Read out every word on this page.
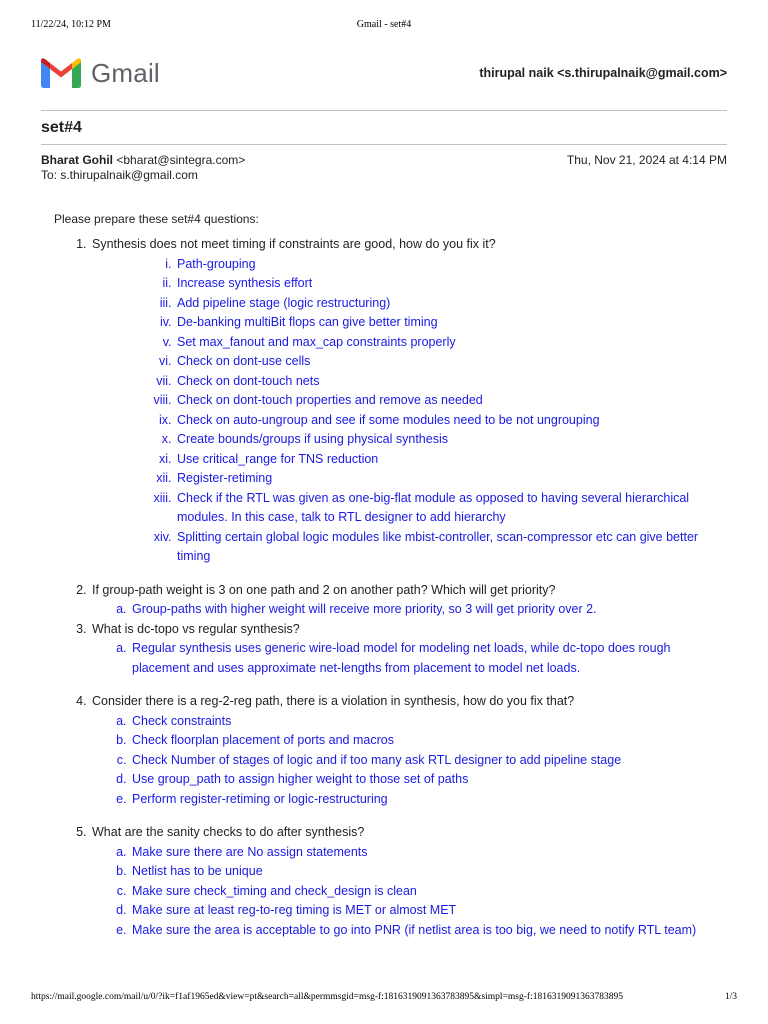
11/22/24, 10:12 PM	Gmail - set#4
Gmail	thirupal naik <s.thirupalnaik@gmail.com>
set#4
Bharat Gohil <bharat@sintegra.com>
To: s.thirupalnaik@gmail.com
Thu, Nov 21, 2024 at 4:14 PM

Please prepare these set#4 questions:

1. Synthesis does not meet timing if constraints are good, how do you fix it?
i. Path-grouping
ii. Increase synthesis effort
iii. Add pipeline stage (logic restructuring)
iv. De-banking multiBit flops can give better timing
v. Set max_fanout and max_cap constraints properly
vi. Check on dont-use cells
vii. Check on dont-touch nets
viii. Check on dont-touch properties and remove as needed
ix. Check on auto-ungroup and see if some modules need to be not ungrouping
x. Create bounds/groups if using physical synthesis
xi. Use critical_range for TNS reduction
xii. Register-retiming
xiii. Check if the RTL was given as one-big-flat module as opposed to having several hierarchical modules. In this case, talk to RTL designer to add hierarchy
xiv. Splitting certain global logic modules like mbist-controller, scan-compressor etc can give better timing
2. If group-path weight is 3 on one path and 2 on another path? Which will get priority?
a. Group-paths with higher weight will receive more priority, so 3 will get priority over 2.
3. What is dc-topo vs regular synthesis?
a. Regular synthesis uses generic wire-load model for modeling net loads, while dc-topo does rough placement and uses approximate net-lengths from placement to model net loads.
4. Consider there is a reg-2-reg path, there is a violation in synthesis, how do you fix that?
a. Check constraints
b. Check floorplan placement of ports and macros
c. Check Number of stages of logic and if too many ask RTL designer to add pipeline stage
d. Use group_path to assign higher weight to those set of paths
e. Perform register-retiming or logic-restructuring
5. What are the sanity checks to do after synthesis?
a. Make sure there are No assign statements
b. Netlist has to be unique
c. Make sure check_timing and check_design is clean
d. Make sure at least reg-to-reg timing is MET or almost MET
e. Make sure the area is acceptable to go into PNR (if netlist area is too big, we need to notify RTL team)
https://mail.google.com/mail/u/0/?ik=f1af1965ed&view=pt&search=all&permmsgid=msg-f:1816319091363783895&simpl=msg-f:1816319091363783895	1/3
